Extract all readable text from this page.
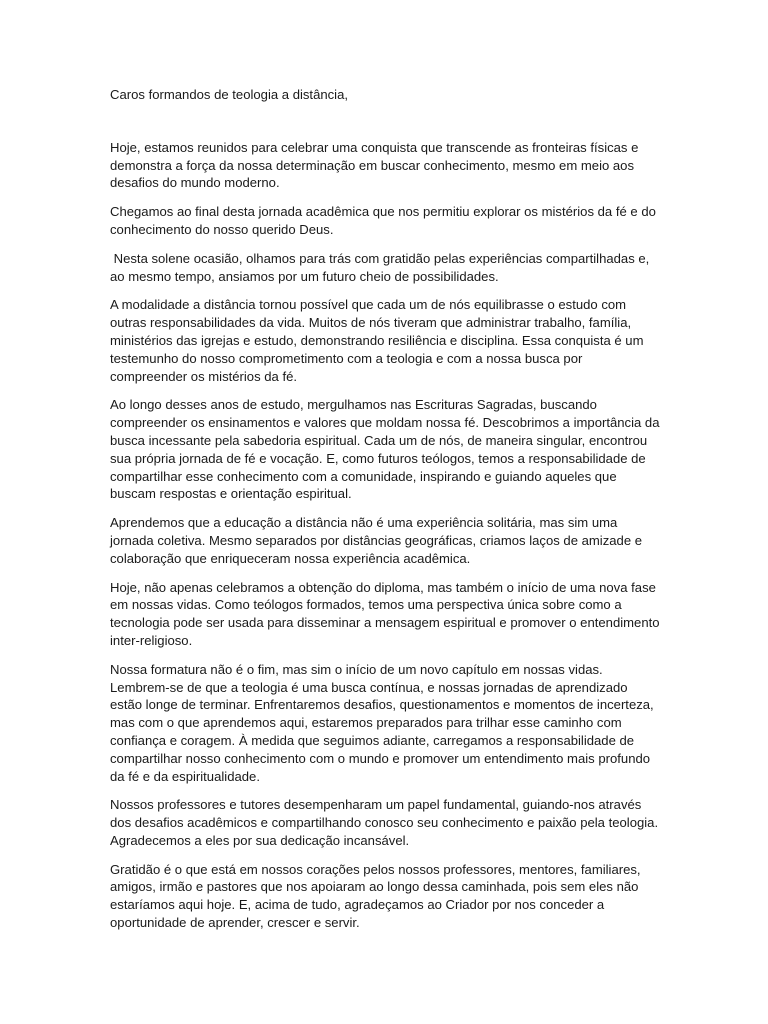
Caros formandos de teologia a distância,

Hoje, estamos reunidos para celebrar uma conquista que transcende as fronteiras físicas e demonstra a força da nossa determinação em buscar conhecimento, mesmo em meio aos desafios do mundo moderno.

Chegamos ao final desta jornada acadêmica que nos permitiu explorar os mistérios da fé e do conhecimento do nosso querido Deus.

Nesta solene ocasião, olhamos para trás com gratidão pelas experiências compartilhadas e, ao mesmo tempo, ansiamos por um futuro cheio de possibilidades.

A modalidade a distância tornou possível que cada um de nós equilibrasse o estudo com outras responsabilidades da vida. Muitos de nós tiveram que administrar trabalho, família, ministérios das igrejas e estudo, demonstrando resiliência e disciplina. Essa conquista é um testemunho do nosso comprometimento com a teologia e com a nossa busca por compreender os mistérios da fé.

Ao longo desses anos de estudo, mergulhamos nas Escrituras Sagradas, buscando compreender os ensinamentos e valores que moldam nossa fé. Descobrimos a importância da busca incessante pela sabedoria espiritual. Cada um de nós, de maneira singular, encontrou sua própria jornada de fé e vocação. E, como futuros teólogos, temos a responsabilidade de compartilhar esse conhecimento com a comunidade, inspirando e guiando aqueles que buscam respostas e orientação espiritual.

Aprendemos que a educação a distância não é uma experiência solitária, mas sim uma jornada coletiva. Mesmo separados por distâncias geográficas, criamos laços de amizade e colaboração que enriqueceram nossa experiência acadêmica.

Hoje, não apenas celebramos a obtenção do diploma, mas também o início de uma nova fase em nossas vidas. Como teólogos formados, temos uma perspectiva única sobre como a tecnologia pode ser usada para disseminar a mensagem espiritual e promover o entendimento inter-religioso.

Nossa formatura não é o fim, mas sim o início de um novo capítulo em nossas vidas. Lembrem-se de que a teologia é uma busca contínua, e nossas jornadas de aprendizado estão longe de terminar. Enfrentaremos desafios, questionamentos e momentos de incerteza, mas com o que aprendemos aqui, estaremos preparados para trilhar esse caminho com confiança e coragem. À medida que seguimos adiante, carregamos a responsabilidade de compartilhar nosso conhecimento com o mundo e promover um entendimento mais profundo da fé e da espiritualidade.

Nossos professores e tutores desempenharam um papel fundamental, guiando-nos através dos desafios acadêmicos e compartilhando conosco seu conhecimento e paixão pela teologia. Agradecemos a eles por sua dedicação incansável.

Gratidão é o que está em nossos corações pelos nossos professores, mentores, familiares, amigos, irmão e pastores que nos apoiaram ao longo dessa caminhada, pois sem eles não estaríamos aqui hoje. E, acima de tudo, agradeçamos ao Criador por nos conceder a oportunidade de aprender, crescer e servir.
